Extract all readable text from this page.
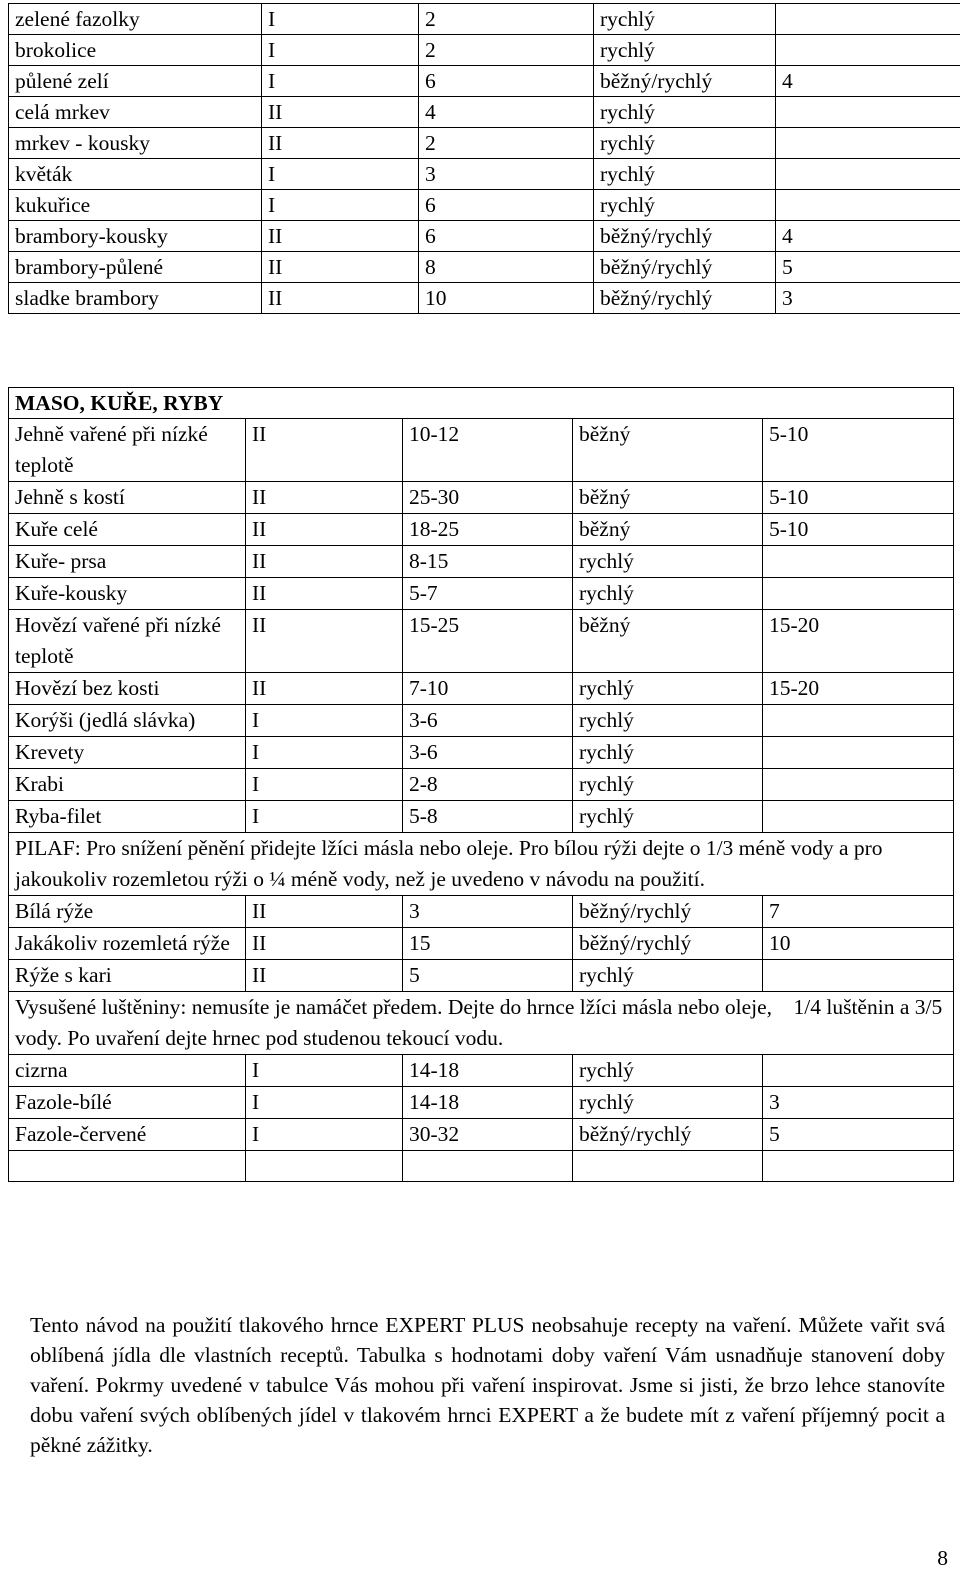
zelené fazolky	I	2	rychlý	
brokolice	I	2	rychlý	
půlené zelí	I	6	běžný/rychlý	4
celá mrkev	II	4	rychlý	
mrkev - kousky	II	2	rychlý	
květák	I	3	rychlý	
kukuřice	I	6	rychlý	
brambory-kousky	II	6	běžný/rychlý	4
brambory-půlené	II	8	běžný/rychlý	5
sladke brambory	II	10	běžný/rychlý	3
MASO, KUŘE, RYBY				
Jehně vařené při nízké teplotě	II	10-12	běžný	5-10
Jehně s kostí	II	25-30	běžný	5-10
Kuře celé	II	18-25	běžný	5-10
Kuře- prsa	II	8-15	rychlý	
Kuře-kousky	II	5-7	rychlý	
Hovězí vařené při nízké teplotě	II	15-25	běžný	15-20
Hovězí bez kosti	II	7-10	rychlý	15-20
Korýši (jedlá slávka)	I	3-6	rychlý	
Krevety	I	3-6	rychlý	
Krabi	I	2-8	rychlý	
Ryba-filet	I	5-8	rychlý	
PILAF: Pro snížení pěnění přidejte lžíci másla nebo oleje. Pro bílou rýži dejte o 1/3 méně vody a pro jakoukoliv rozemletou rýži o ¼ méně vody, než je uvedeno v návodu na použití.				
Bílá rýže	II	3	běžný/rychlý	7
Jakákoliv rozemletá rýže	II	15	běžný/rychlý	10
Rýže s kari	II	5	rychlý	
Vysušené luštěniny: nemusíte je namáčet předem. Dejte do hrnce lžíci másla nebo oleje,    1/4 luštěnin a 3/5 vody. Po uvaření dejte hrnec pod studenou tekoucí vodu.				
cizrna	I	14-18	rychlý	
Fazole-bílé	I	14-18	rychlý	3
Fazole-červené	I	30-32	běžný/rychlý	5

Tento návod na použití tlakového hrnce EXPERT PLUS neobsahuje recepty na vaření. Můžete vařit svá oblíbená jídla dle vlastních receptů. Tabulka s hodnotami doby vaření Vám usnadňuje stanovení doby vaření. Pokrmy uvedené v tabulce Vás mohou při vaření inspirovat. Jsme si jisti, že brzo lehce stanovíte dobu vaření svých oblíbených jídel v tlakovém hrnci EXPERT a že budete mít z vaření příjemný pocit a pěkné zážitky.
8
